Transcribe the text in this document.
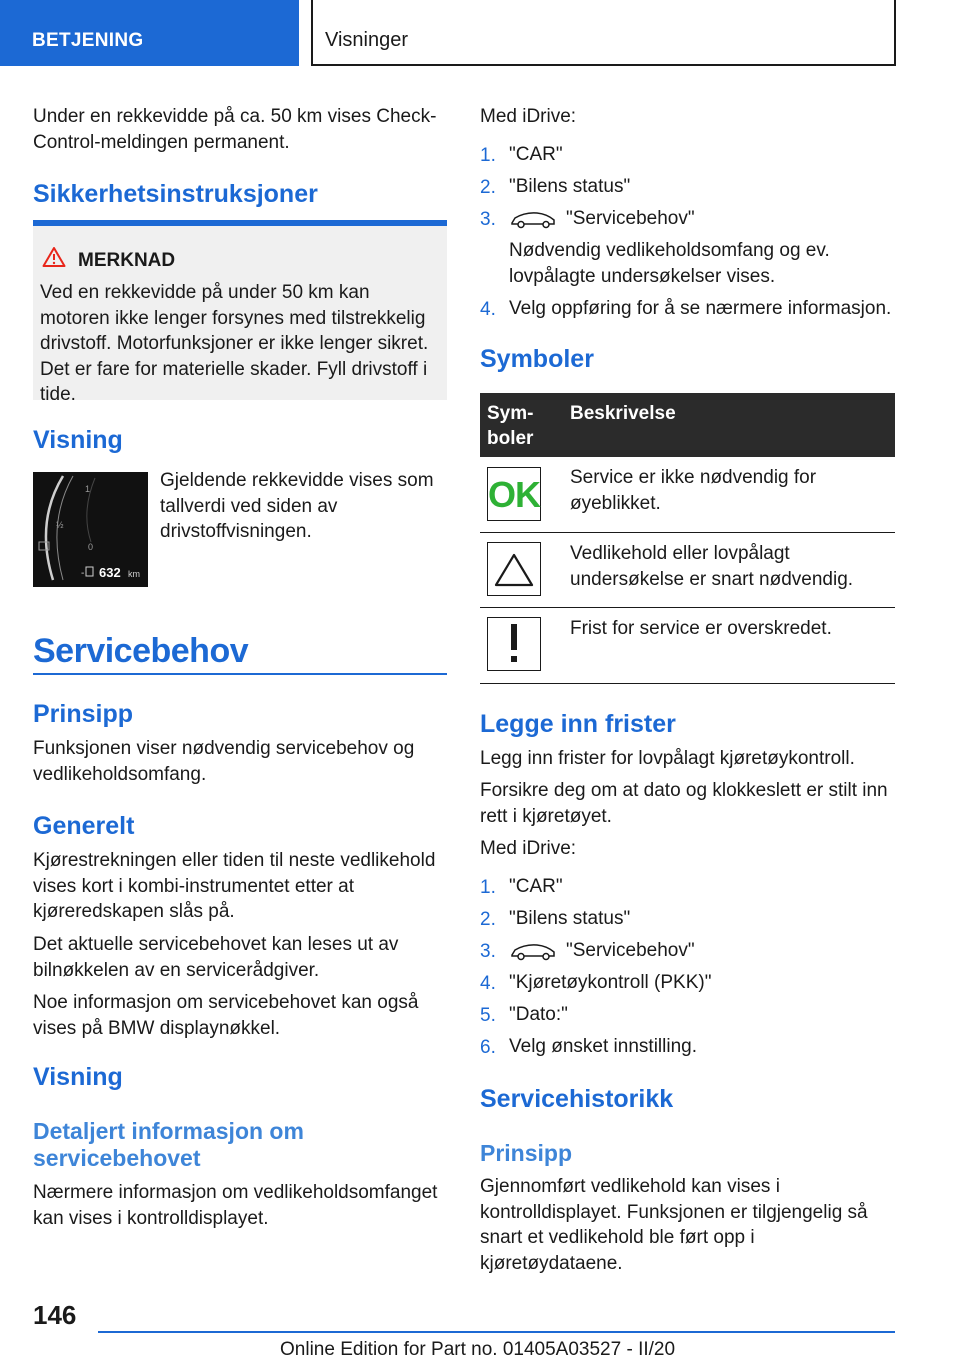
BETJENING	Visninger
Under en rekkevidde på ca. 50 km vises Check-Control-meldingen permanent.
Sikkerhetsinstruksjoner
MERKNAD
Ved en rekkevidde på under 50 km kan motoren ikke lenger forsynes med tilstrekkelig drivstoff. Motorfunksjoner er ikke lenger sikret. Det er fare for materielle skader. Fyll drivstoff i tide.
Visning
1
½
0
- 632 km
Gjeldende rekkevidde vises som tallverdi ved siden av drivstoffvisningen.
Servicebehov
Prinsipp
Funksjonen viser nødvendig servicebehov og vedlikeholdsomfang.
Generelt
Kjørestrekningen eller tiden til neste vedlikehold vises kort i kombi-instrumentet etter at kjøreredskapen slås på.
Det aktuelle servicebehovet kan leses ut av bilnøkkelen av en servicerådgiver.
Noe informasjon om servicebehovet kan også vises på BMW displaynøkkel.
Visning
Detaljert informasjon om servicebehovet
Nærmere informasjon om vedlikeholdsomfanget kan vises i kontrolldisplayet.
Med iDrive:
1. "CAR"
2. "Bilens status"
3.	"Servicebehov"
Nødvendig vedlikeholdsomfang og ev. lovpålagte undersøkelser vises.
4. Velg oppføring for å se nærmere informasjon.
Symboler
Sym-boler
Beskrivelse
OK Service er ikke nødvendig for øyeblikket.
Vedlikehold eller lovpålagt undersøkelse er snart nødvendig.
Frist for service er overskredet.
Legge inn frister
Legg inn frister for lovpålagt kjøretøykontroll.
Forsikre deg om at dato og klokkeslett er stilt inn rett i kjøretøyet.
Med iDrive:
1. "CAR"
2. "Bilens status"
3.	"Servicebehov"
4. "Kjøretøykontroll (PKK)"
5. "Dato:"
6. Velg ønsket innstilling.
Servicehistorikk
Prinsipp
Gjennomført vedlikehold kan vises i kontrolldisplayet. Funksjonen er tilgjengelig så snart et vedlikehold ble ført opp i kjøretøydataene.
146
Online Edition for Part no. 01405A03527 - II/20
